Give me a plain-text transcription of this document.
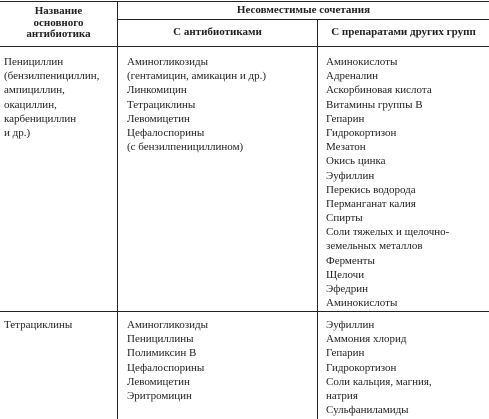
Название
основного
антибиотика
Несовместимые сочетания
С антибиотиками	С препаратами других групп
Пенициллин
(бензилпенициллин,
ампициллин,
окациллин,
карбенициллин
и др.)
Аминогликозиды
(гентамицин, амикацин и др.)
Линкомицин
Тетрациклины
Левомицетин
Цефалоспорины
(с бензилпенициллином)
Аминокислоты
Адреналин
Аскорбиновая кислота
Витамины группы В
Гепарин
Гидрокортизон
Мезатон
Окись цинка
Эуфиллин
Перекись водорода
Перманганат калия
Спирты
Соли тяжелых и щелочно-
земельных металлов
Ферменты
Щелочи
Эфедрин
Аминокислоты
Тетрациклины	Аминогликозиды
Пенициллины
Полимиксин В
Цефалоспорины
Левомицетин
Эритромицин
Эуфиллин
Аммония хлорид
Гепарин
Гидрокортизон
Соли кальция, магния,
натрия
Сульфаниламиды
